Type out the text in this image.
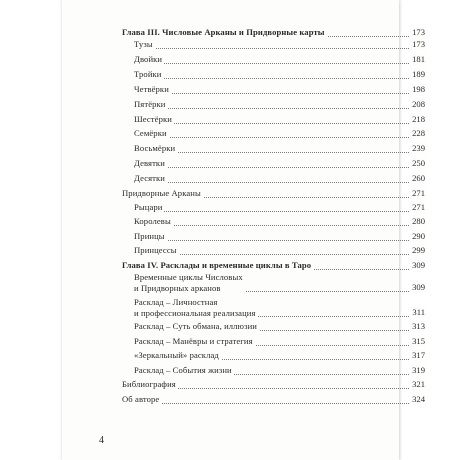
Глава III. Числовые Арканы и Придворные карты	173
Тузы	173
Двойки	181
Тройки	189
Четвёрки	198
Пятёрки	208
Шестёрки	218
Семёрки	228
Восьмёрки	239
Девятки	250
Десятки	260
Придворные Арканы	271
Рыцари	271
Королевы	280
Принцы	290
Принцессы	299
Глава IV. Расклады и временные циклы в Таро	309
Временные циклы Числовых
и Придворных арканов	309
Расклад – Личностная
и профессиональная реализация	311
Расклад – Суть обмана, иллюзии	313
Расклад – Манёвры и стратегия	315
«Зеркальный» расклад	317
Расклад – События жизни	319
Библиография	321
Об авторе	324
4
